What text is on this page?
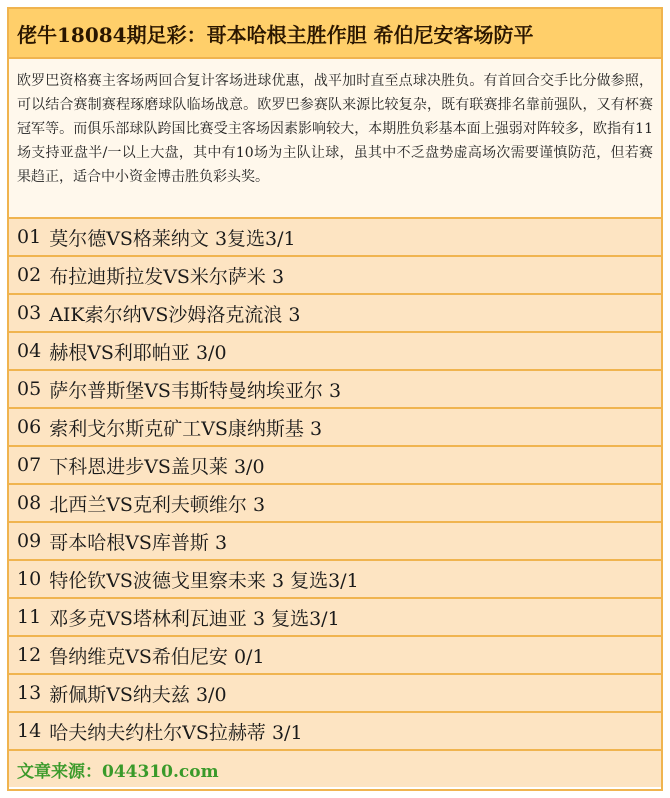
佬牛18084期足彩：哥本哈根主胜作胆 希伯尼安客场防平

欧罗巴资格赛主客场两回合复计客场进球优惠，战平加时直至点球决胜负。有首回合交手比分做参照，可以结合赛制赛程琢磨球队临场战意。欧罗巴参赛队来源比较复杂，既有联赛排名靠前强队，又有杯赛冠军等。而俱乐部球队跨国比赛受主客场因素影响较大，本期胜负彩基本面上强弱对阵较多，欧指有11场支持亚盘半/一以上大盘，其中有10场为主队让球，虽其中不乏盘势虚高场次需要谨慎防范，但若赛果趋正，适合中小资金博击胜负彩头奖。

01 莫尔德VS格莱纳文 3复选3/1
02 布拉迪斯拉发VS米尔萨米 3
03 AIK索尔纳VS沙姆洛克流浪 3
04 赫根VS利耶帕亚 3/0
05 萨尔普斯堡VS韦斯特曼纳埃亚尔 3
06 索利戈尔斯克矿工VS康纳斯基 3
07 下科恩进步VS盖贝莱 3/0
08 北西兰VS克利夫顿维尔 3
09 哥本哈根VS库普斯 3
10 特伦钦VS波德戈里察未来 3 复选3/1
11 邓多克VS塔林利瓦迪亚 3 复选3/1
12 鲁纳维克VS希伯尼安 0/1
13 新佩斯VS纳夫兹 3/0
14 哈夫纳夫约杜尔VS拉赫蒂 3/1
文章来源：044310.com
